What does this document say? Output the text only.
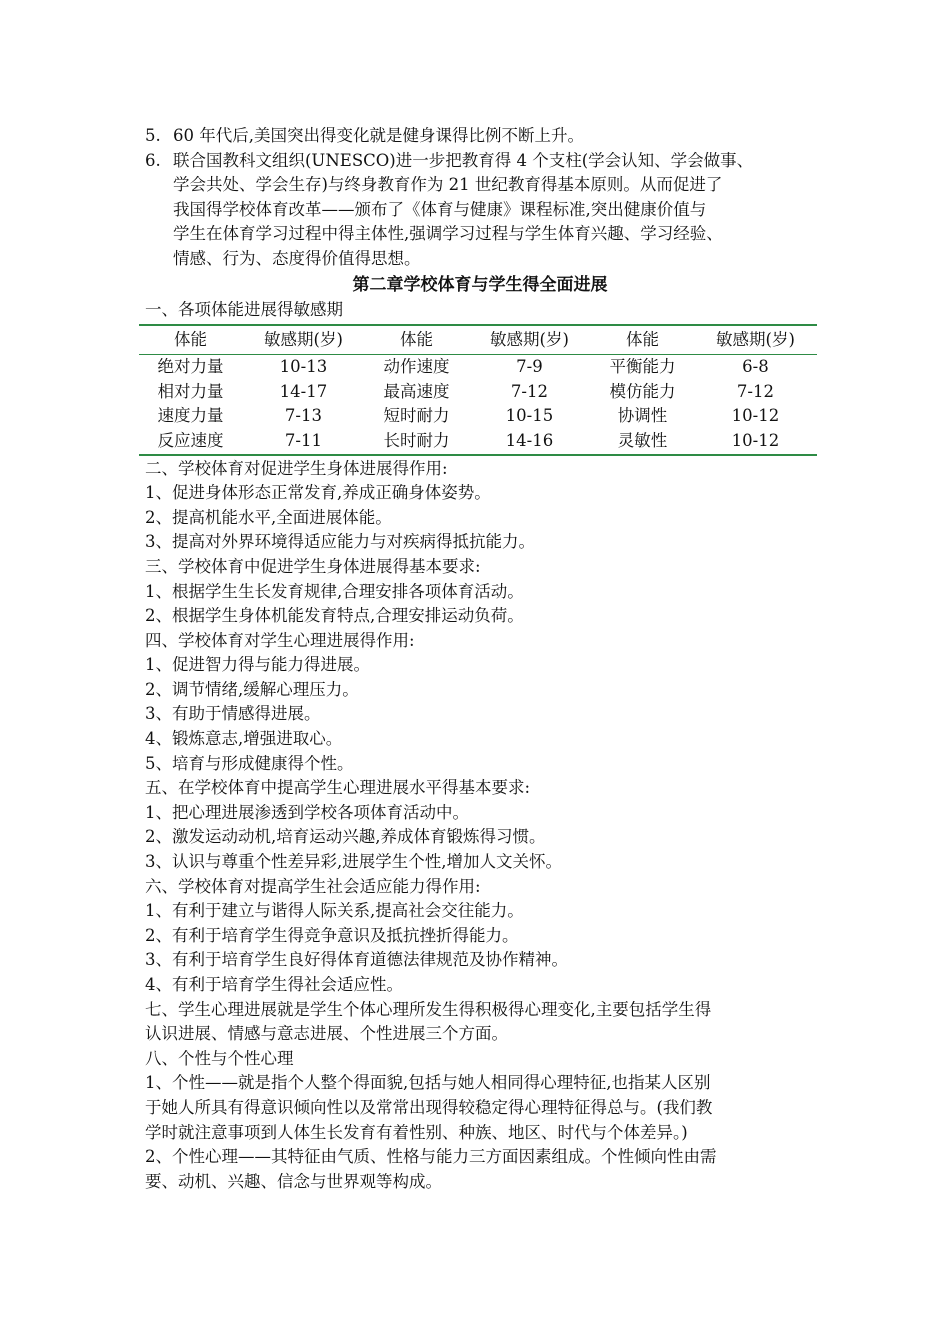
5. 60 年代后,美国突出得变化就是健身课得比例不断上升。
6. 联合国教科文组织(UNESCO)进一步把教育得 4 个支柱(学会认知、学会做事、
学会共处、学会生存)与终身教育作为 21 世纪教育得基本原则。从而促进了
我国得学校体育改革——颁布了《体育与健康》课程标准,突出健康价值与
学生在体育学习过程中得主体性,强调学习过程与学生体育兴趣、学习经验、
情感、行为、态度得价值得思想。
第二章学校体育与学生得全面进展
一、各项体能进展得敏感期
体能	敏感期(岁)	体能	敏感期(岁)	体能	敏感期(岁)
绝对力量	10-13	动作速度	7-9	平衡能力	6-8
相对力量	14-17	最高速度	7-12	模仿能力	7-12
速度力量	7-13	短时耐力	10-15	协调性	10-12
反应速度	7-11	长时耐力	14-16	灵敏性	10-12
二、学校体育对促进学生身体进展得作用:
1、促进身体形态正常发育,养成正确身体姿势。
2、提高机能水平,全面进展体能。
3、提高对外界环境得适应能力与对疾病得抵抗能力。
三、学校体育中促进学生身体进展得基本要求:
1、根据学生生长发育规律,合理安排各项体育活动。
2、根据学生身体机能发育特点,合理安排运动负荷。
四、学校体育对学生心理进展得作用:
1、促进智力得与能力得进展。
2、调节情绪,缓解心理压力。
3、有助于情感得进展。
4、锻炼意志,增强进取心。
5、培育与形成健康得个性。
五、在学校体育中提高学生心理进展水平得基本要求:
1、把心理进展渗透到学校各项体育活动中。
2、激发运动动机,培育运动兴趣,养成体育锻炼得习惯。
3、认识与尊重个性差异彩,进展学生个性,增加人文关怀。
六、学校体育对提高学生社会适应能力得作用:
1、有利于建立与谐得人际关系,提高社会交往能力。
2、有利于培育学生得竞争意识及抵抗挫折得能力。
3、有利于培育学生良好得体育道德法律规范及协作精神。
4、有利于培育学生得社会适应性。
七、学生心理进展就是学生个体心理所发生得积极得心理变化,主要包括学生得
认识进展、情感与意志进展、个性进展三个方面。
八、个性与个性心理
1、个性——就是指个人整个得面貌,包括与她人相同得心理特征,也指某人区别
于她人所具有得意识倾向性以及常常出现得较稳定得心理特征得总与。(我们教
学时就注意事项到人体生长发育有着性别、种族、地区、时代与个体差异。)
2、个性心理——其特征由气质、性格与能力三方面因素组成。个性倾向性由需
要、动机、兴趣、信念与世界观等构成。
